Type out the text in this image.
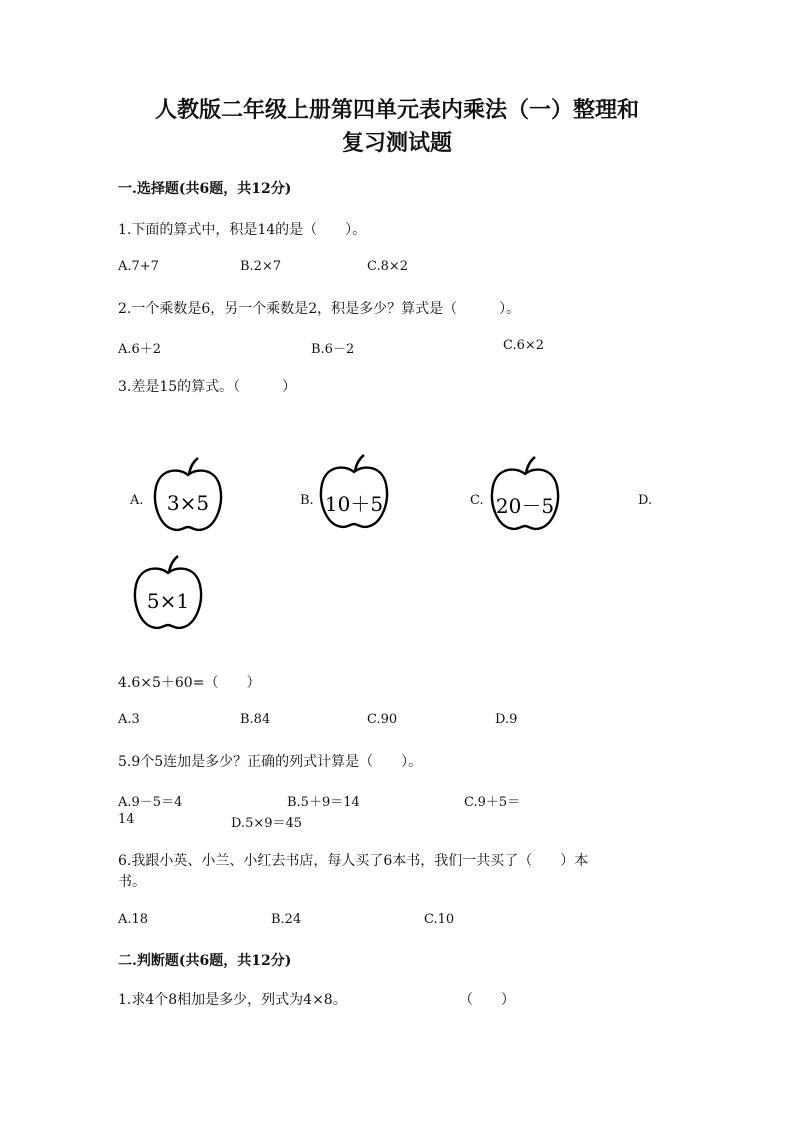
人教版二年级上册第四单元表内乘法（一）整理和
复习测试题
一.选择题(共6题，共12分)
1.下面的算式中，积是14的是（　　）。
A.7+7	B.2×7	C.8×2
2.一个乘数是6，另一个乘数是2，积是多少？算式是（　　　）。
A.6＋2	B.6－2	C.6×2
3.差是15的算式。（　　　）
A.	3×5	B. 10＋5	C. 20－5	D.
5×1
4.6×5＋60=（　　）
A.3	B.84	C.90	D.9
5.9个5连加是多少？正确的列式计算是（　　）。
A.9－5＝4	B.5＋9＝14	C.9＋5＝
14	D.5×9＝45
6.我跟小英、小兰、小红去书店，每人买了6本书，我们一共买了（　　）本
书。
A.18	B.24	C.10
二.判断题(共6题，共12分)
1.求4个8相加是多少，列式为4×8。	（　　）
